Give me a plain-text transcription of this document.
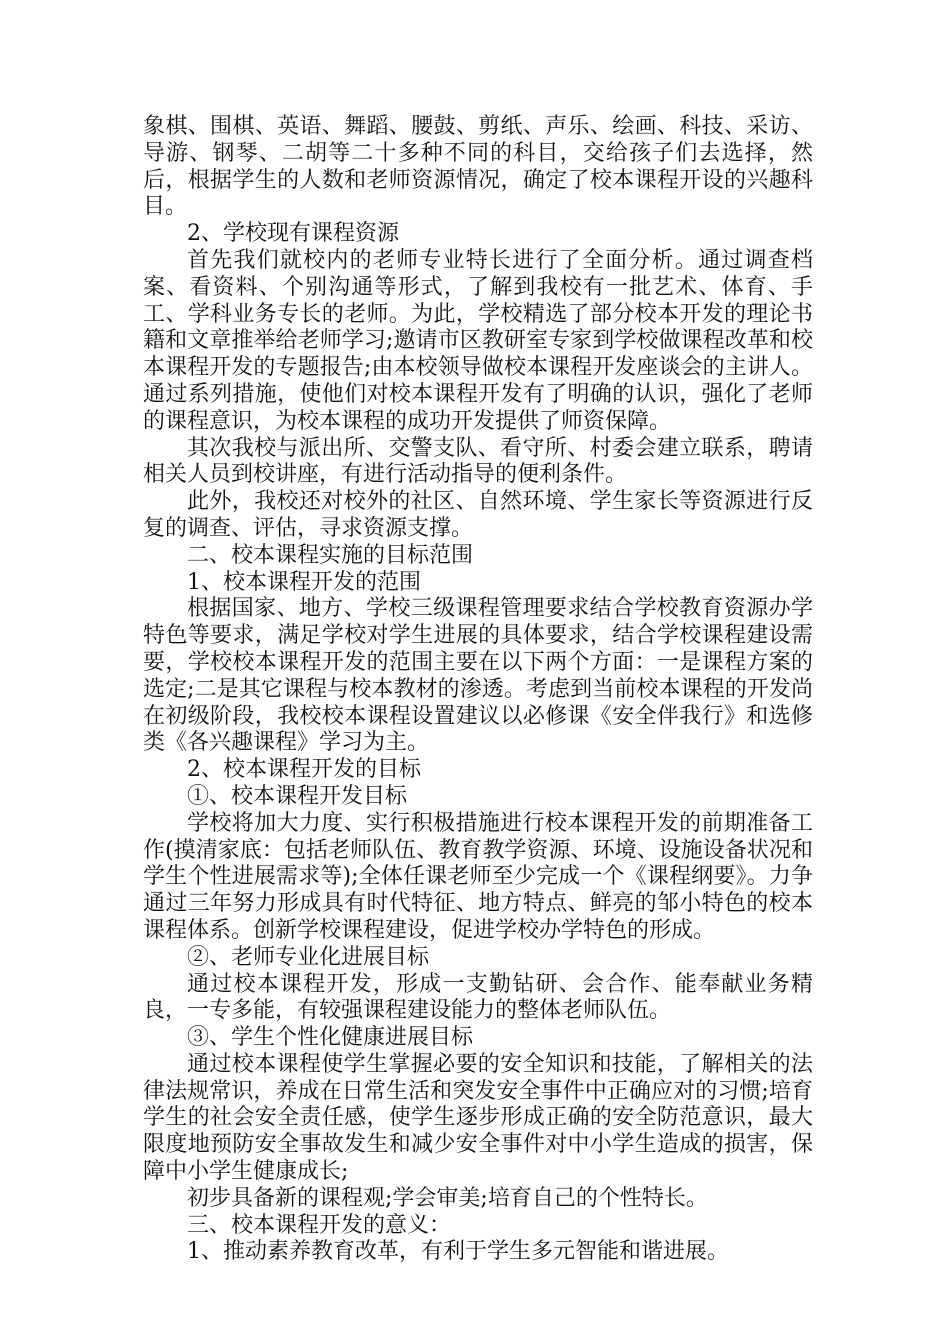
象棋、围棋、英语、舞蹈、腰鼓、剪纸、声乐、绘画、科技、采访、导游、钢琴、二胡等二十多种不同的科目，交给孩子们去选择，然后，根据学生的人数和老师资源情况，确定了校本课程开设的兴趣科目。

2、学校现有课程资源

首先我们就校内的老师专业特长进行了全面分析。通过调查档案、看资料、个别沟通等形式，了解到我校有一批艺术、体育、手工、学科业务专长的老师。为此，学校精选了部分校本开发的理论书籍和文章推举给老师学习;邀请市区教研室专家到学校做课程改革和校本课程开发的专题报告;由本校领导做校本课程开发座谈会的主讲人。通过系列措施，使他们对校本课程开发有了明确的认识，强化了老师的课程意识，为校本课程的成功开发提供了师资保障。

其次我校与派出所、交警支队、看守所、村委会建立联系，聘请相关人员到校讲座，有进行活动指导的便利条件。

此外，我校还对校外的社区、自然环境、学生家长等资源进行反复的调查、评估，寻求资源支撑。

二、校本课程实施的目标范围

1、校本课程开发的范围

根据国家、地方、学校三级课程管理要求结合学校教育资源办学特色等要求，满足学校对学生进展的具体要求，结合学校课程建设需要，学校校本课程开发的范围主要在以下两个方面：一是课程方案的选定;二是其它课程与校本教材的渗透。考虑到当前校本课程的开发尚在初级阶段，我校校本课程设置建议以必修课《安全伴我行》和选修类《各兴趣课程》学习为主。

2、校本课程开发的目标

①、校本课程开发目标

学校将加大力度、实行积极措施进行校本课程开发的前期准备工作(摸清家底：包括老师队伍、教育教学资源、环境、设施设备状况和学生个性进展需求等);全体任课老师至少完成一个《课程纲要》。力争通过三年努力形成具有时代特征、地方特点、鲜亮的邹小特色的校本课程体系。创新学校课程建设，促进学校办学特色的形成。

②、老师专业化进展目标

通过校本课程开发，形成一支勤钻研、会合作、能奉献业务精良，一专多能，有较强课程建设能力的整体老师队伍。

③、学生个性化健康进展目标

通过校本课程使学生掌握必要的安全知识和技能，了解相关的法律法规常识，养成在日常生活和突发安全事件中正确应对的习惯;培育学生的社会安全责任感，使学生逐步形成正确的安全防范意识，最大限度地预防安全事故发生和减少安全事件对中小学生造成的损害，保障中小学生健康成长;

初步具备新的课程观;学会审美;培育自己的个性特长。

三、校本课程开发的意义：

1、推动素养教育改革，有利于学生多元智能和谐进展。
